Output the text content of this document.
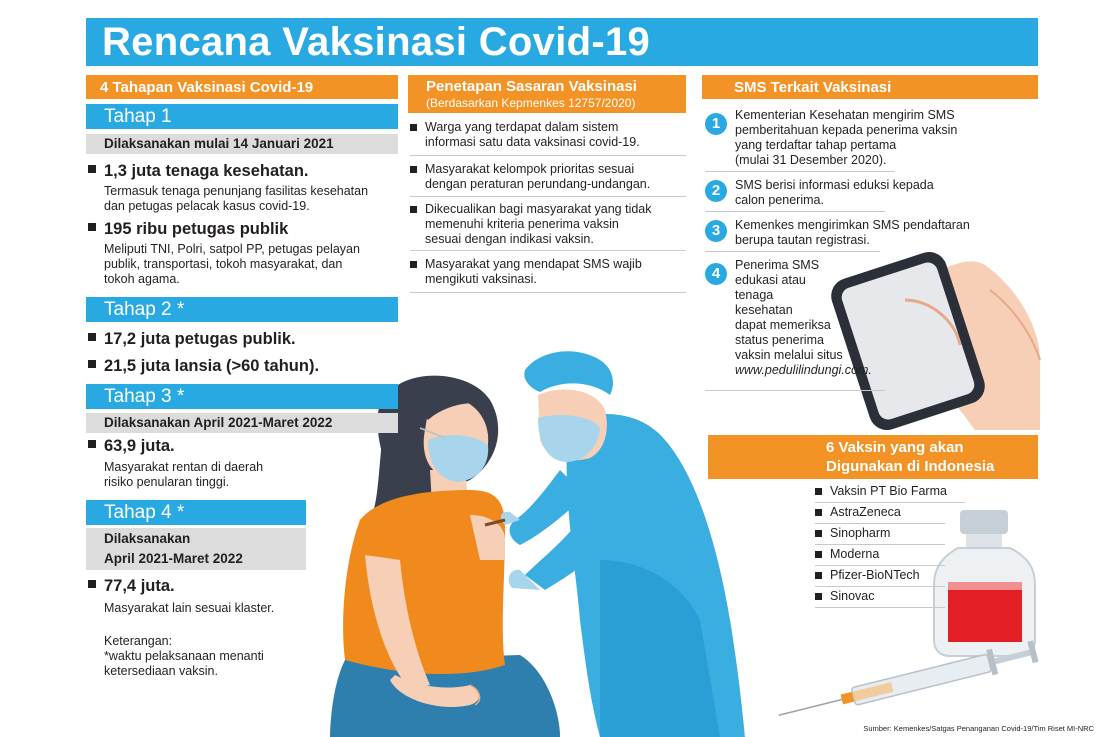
Rencana Vaksinasi Covid-19
4 Tahapan Vaksinasi Covid-19
Tahap 1
Dilaksanakan mulai 14 Januari 2021
1,3 juta tenaga kesehatan.
Termasuk tenaga penunjang fasilitas kesehatan
dan petugas pelacak kasus covid-19.
195 ribu petugas publik
Meliputi TNI, Polri, satpol PP, petugas pelayan
publik, transportasi, tokoh masyarakat, dan
tokoh agama.
Tahap 2 *
17,2 juta petugas publik.
21,5 juta lansia (>60 tahun).
Tahap 3 *
Dilaksanakan April 2021-Maret 2022
63,9 juta.
Masyarakat rentan di daerah
risiko penularan tinggi.
Tahap 4 *
Dilaksanakan
April 2021-Maret 2022
77,4 juta.
Masyarakat lain sesuai klaster.
Keterangan:
*waktu pelaksanaan menanti
ketersediaan vaksin.
Penetapan Sasaran Vaksinasi
(Berdasarkan Kepmenkes 12757/2020)
Warga yang terdapat dalam sistem
informasi satu data vaksinasi covid-19.
Masyarakat kelompok prioritas sesuai
dengan peraturan perundang-undangan.
Dikecualikan bagi masyarakat yang tidak
memenuhi kriteria penerima vaksin
sesuai dengan indikasi vaksin.
Masyarakat yang mendapat SMS wajib
mengikuti vaksinasi.
SMS Terkait Vaksinasi
1	Kementerian Kesehatan mengirim SMS
pemberitahuan kepada penerima vaksin
yang terdaftar tahap pertama
(mulai 31 Desember 2020).
2	SMS berisi informasi eduksi kepada
calon penerima.
3	Kemenkes mengirimkan SMS pendaftaran
berupa tautan registrasi.
4	Penerima SMS
edukasi atau
tenaga
kesehatan
dapat memeriksa
status penerima
vaksin melalui situs
www.pedulilindungi.com.
6 Vaksin yang akan
Digunakan di Indonesia
Vaksin PT Bio Farma
AstraZeneca
Sinopharm
Moderna
Pfizer-BioNTech
Sinovac
Sumber: Kemenkes/Satgas Penanganan Covid-19/Tim Riset MI-NRC
